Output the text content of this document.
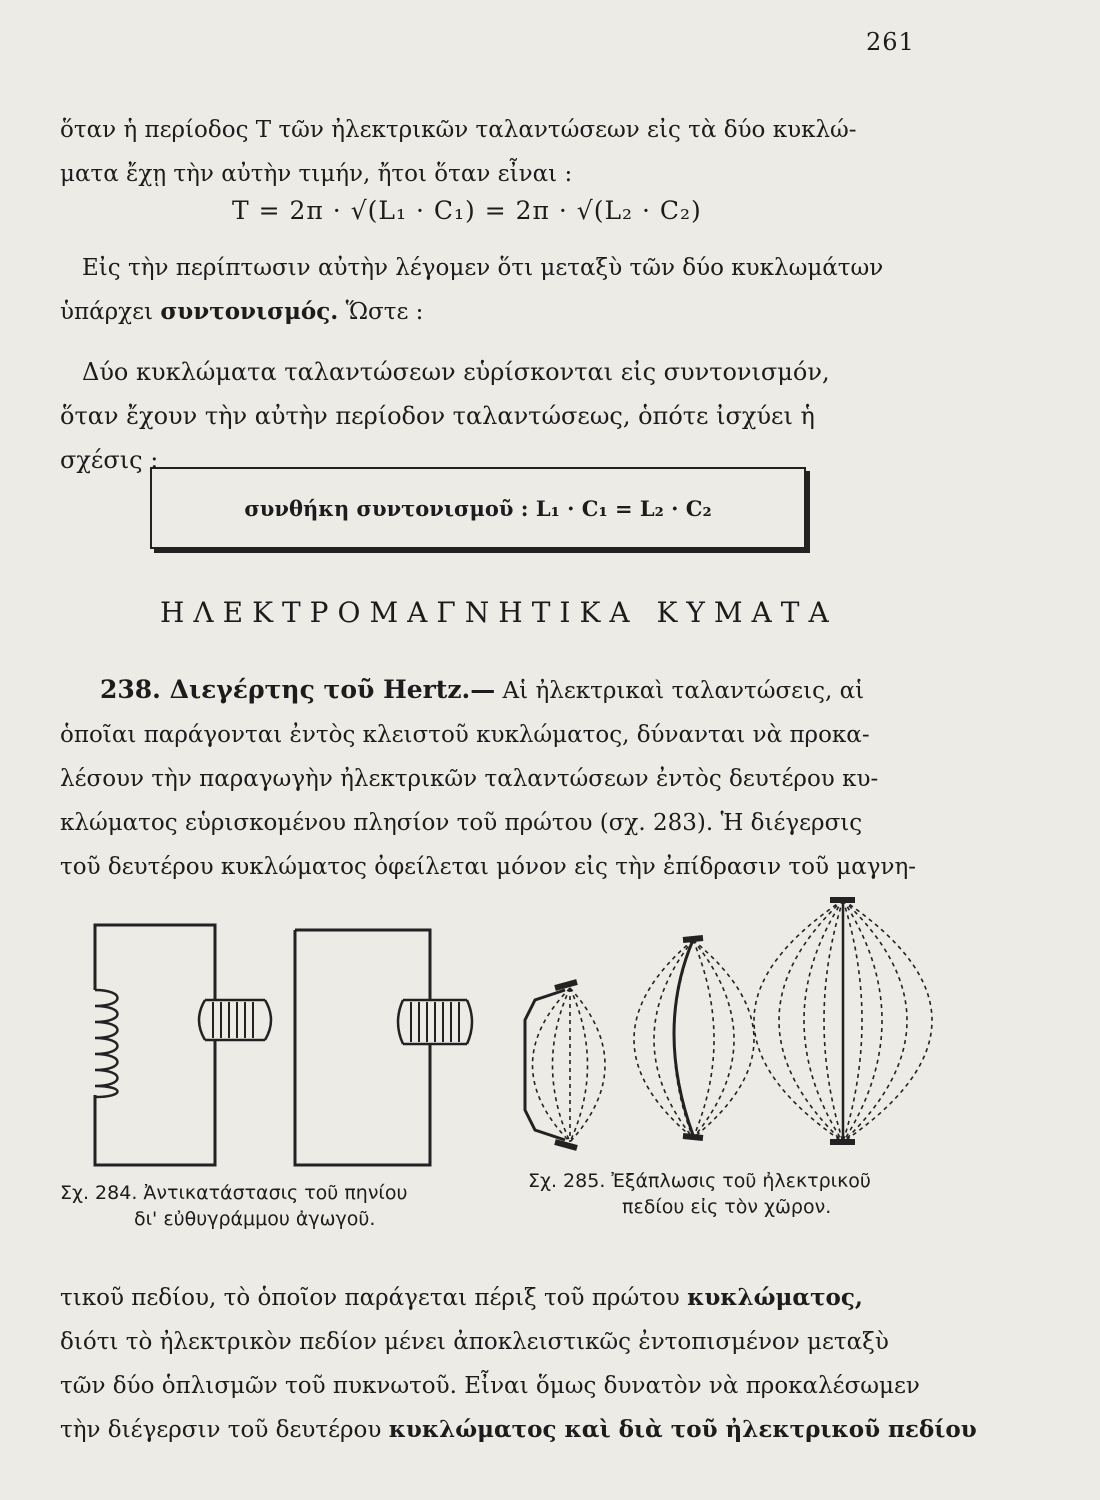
261
ὅταν ἡ περίοδος T τῶν ἠλεκτρικῶν ταλαντώσεων εἰς τὰ δύο κυκλώ-
ματα ἔχῃ τὴν αὐτὴν τιμήν, ἤτοι ὅταν εἶναι :
T = 2π · √(L₁ · C₁) = 2π · √(L₂ · C₂)
Εἰς τὴν περίπτωσιν αὐτὴν λέγομεν ὅτι μεταξὺ τῶν δύο κυκλωμάτων
ὑπάρχει συντονισμός. Ὥστε :
Δύο κυκλώματα ταλαντώσεων εὑρίσκονται εἰς συντονισμόν,
ὅταν ἔχουν τὴν αὐτὴν περίοδον ταλαντώσεως, ὁπότε ἰσχύει ἡ
σχέσις :
συνθήκη συντονισμοῦ : L₁ · C₁ = L₂ · C₂
ΗΛΕΚΤΡΟΜΑΓΝΗΤΙΚΑ ΚΥΜΑΤΑ
238. Διεγέρτης τοῦ Hertz.— Αἱ ἠλεκτρικαὶ ταλαντώσεις, αἱ
ὁποῖαι παράγονται ἐντὸς κλειστοῦ κυκλώματος, δύνανται νὰ προκα-
λέσουν τὴν παραγωγὴν ἠλεκτρικῶν ταλαντώσεων ἐντὸς δευτέρου κυ-
κλώματος εὑρισκομένου πλησίον τοῦ πρώτου (σχ. 283). Ἡ διέγερσις
τοῦ δευτέρου κυκλώματος ὀφείλεται μόνον εἰς τὴν ἐπίδρασιν τοῦ μαγνη-
Σχ. 284. Ἀντικατάστασις τοῦ πηνίου
δι' εὐθυγράμμου ἀγωγοῦ.
Σχ. 285. Ἐξάπλωσις τοῦ ἠλεκτρικοῦ
πεδίου εἰς τὸν χῶρον.
τικοῦ πεδίου, τὸ ὁποῖον παράγεται πέριξ τοῦ πρώτου κυκλώματος,
διότι τὸ ἠλεκτρικὸν πεδίον μένει ἀποκλειστικῶς ἐντοπισμένον μεταξὺ
τῶν δύο ὁπλισμῶν τοῦ πυκνωτοῦ. Εἶναι ὅμως δυνατὸν νὰ προκαλέσωμεν
τὴν διέγερσιν τοῦ δευτέρου κυκλώματος καὶ διὰ τοῦ ἠλεκτρικοῦ πεδίου
